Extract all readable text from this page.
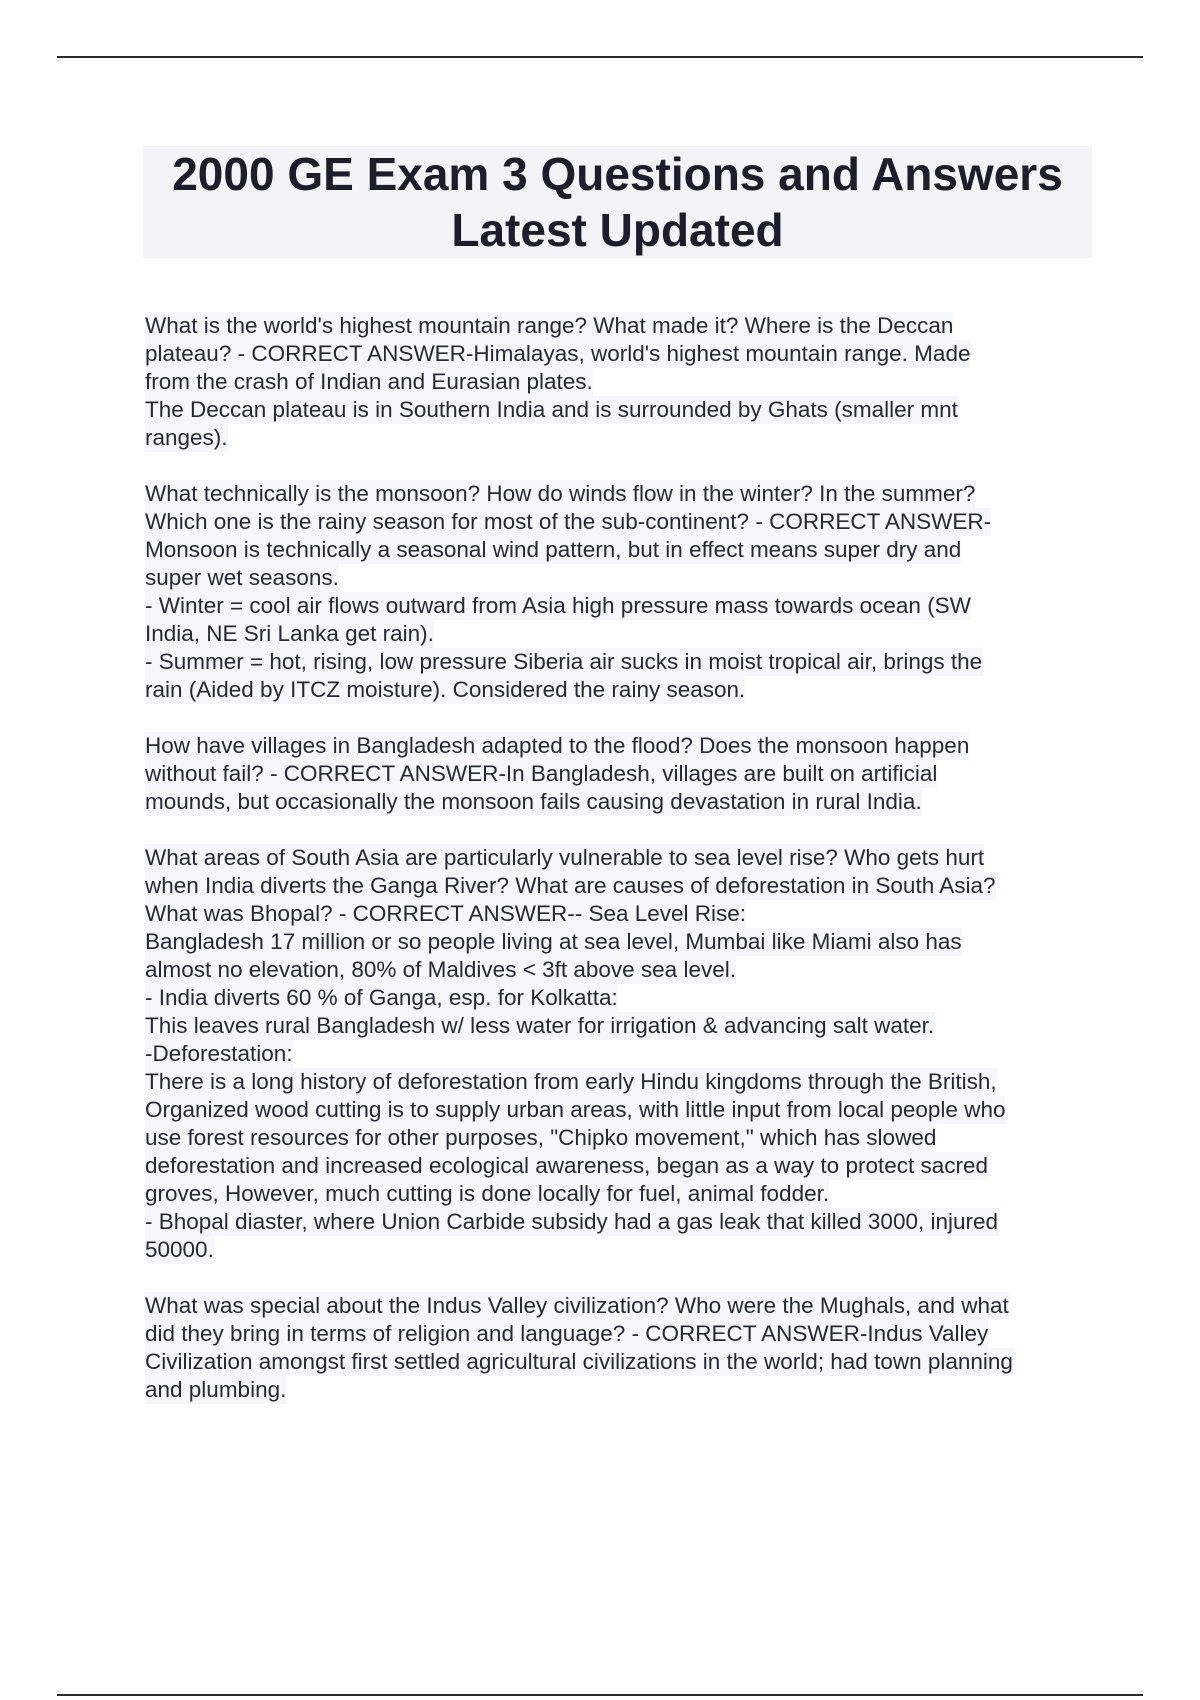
2000 GE Exam 3 Questions and Answers

Latest Updated

What is the world's highest mountain range? What made it? Where is the Deccan
plateau? - CORRECT ANSWER-Himalayas, world's highest mountain range. Made
from the crash of Indian and Eurasian plates.
The Deccan plateau is in Southern India and is surrounded by Ghats (smaller mnt
ranges).
What technically is the monsoon? How do winds flow in the winter? In the summer?
Which one is the rainy season for most of the sub-continent? - CORRECT ANSWER-
Monsoon is technically a seasonal wind pattern, but in effect means super dry and
super wet seasons.
- Winter = cool air flows outward from Asia high pressure mass towards ocean (SW
India, NE Sri Lanka get rain).
- Summer = hot, rising, low pressure Siberia air sucks in moist tropical air, brings the
rain (Aided by ITCZ moisture). Considered the rainy season.
How have villages in Bangladesh adapted to the flood? Does the monsoon happen
without fail? - CORRECT ANSWER-In Bangladesh, villages are built on artificial
mounds, but occasionally the monsoon fails causing devastation in rural India.
What areas of South Asia are particularly vulnerable to sea level rise? Who gets hurt
when India diverts the Ganga River? What are causes of deforestation in South Asia?
What was Bhopal? - CORRECT ANSWER-- Sea Level Rise:
Bangladesh 17 million or so people living at sea level, Mumbai like Miami also has
almost no elevation, 80% of Maldives < 3ft above sea level.
- India diverts 60 % of Ganga, esp. for Kolkatta:
This leaves rural Bangladesh w/ less water for irrigation & advancing salt water.
-Deforestation:
There is a long history of deforestation from early Hindu kingdoms through the British,
Organized wood cutting is to supply urban areas, with little input from local people who
use forest resources for other purposes, "Chipko movement," which has slowed
deforestation and increased ecological awareness, began as a way to protect sacred
groves, However, much cutting is done locally for fuel, animal fodder.
- Bhopal diaster, where Union Carbide subsidy had a gas leak that killed 3000, injured
50000.
What was special about the Indus Valley civilization? Who were the Mughals, and what
did they bring in terms of religion and language? - CORRECT ANSWER-Indus Valley
Civilization amongst first settled agricultural civilizations in the world; had town planning
and plumbing.
